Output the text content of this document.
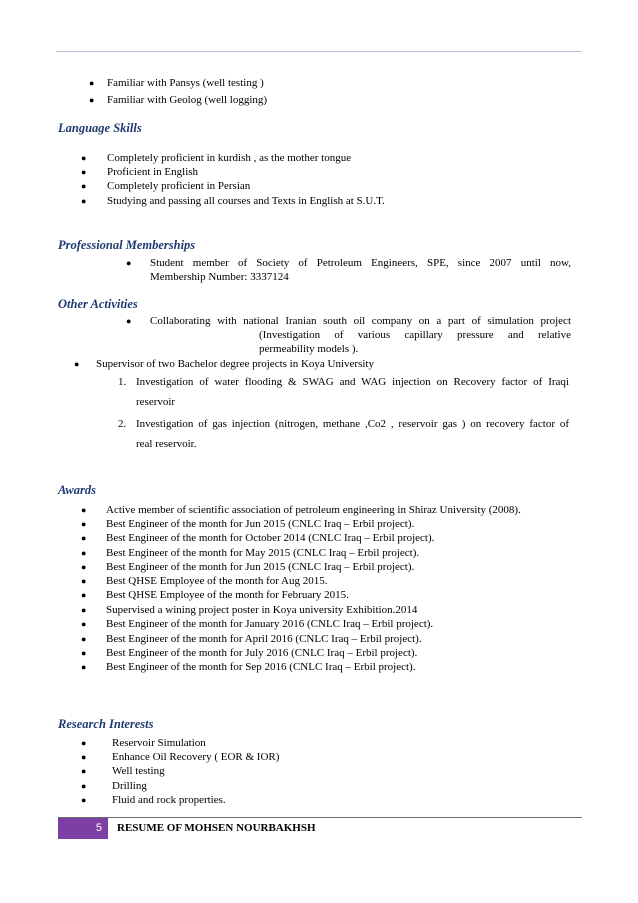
● Familiar with Pansys (well testing )
● Familiar with Geolog (well logging)
Language Skills
● Completely proficient in kurdish , as the mother tongue
● Proficient in English
● Completely proficient in Persian
● Studying and passing all courses and Texts in English at S.U.T.
Professional Memberships
● Student member of Society of Petroleum Engineers, SPE, since 2007 until now,
Membership Number: 3337124
Other Activities
● Collaborating with national Iranian south oil company on a part of simulation project
(Investigation of various capillary pressure and relative
permeability models ).
● Supervisor of two Bachelor degree projects in Koya University
1. Investigation of water flooding & SWAG and WAG injection on Recovery factor of Iraqi
reservoir
2. Investigation of gas injection (nitrogen, methane ,Co2 , reservoir gas ) on recovery factor of
real reservoir.
Awards
● Active member of scientific association of petroleum engineering in Shiraz University (2008).
● Best Engineer of the month for Jun 2015 (CNLC Iraq – Erbil project).
● Best Engineer of the month for October 2014 (CNLC Iraq – Erbil project).
● Best Engineer of the month for May 2015 (CNLC Iraq – Erbil project).
● Best Engineer of the month for Jun 2015 (CNLC Iraq – Erbil project).
● Best QHSE Employee of the month for Aug 2015.
● Best QHSE Employee of the month for February 2015.
● Supervised a wining project poster in Koya university Exhibition.2014
● Best Engineer of the month for January 2016 (CNLC Iraq – Erbil project).
● Best Engineer of the month for April 2016 (CNLC Iraq – Erbil project).
● Best Engineer of the month for July 2016 (CNLC Iraq – Erbil project).
● Best Engineer of the month for Sep 2016 (CNLC Iraq – Erbil project).
Research Interests
● Reservoir Simulation
● Enhance Oil Recovery ( EOR & IOR)
● Well testing
● Drilling
● Fluid and rock properties.
5	RESUME OF MOHSEN NOURBAKHSH
